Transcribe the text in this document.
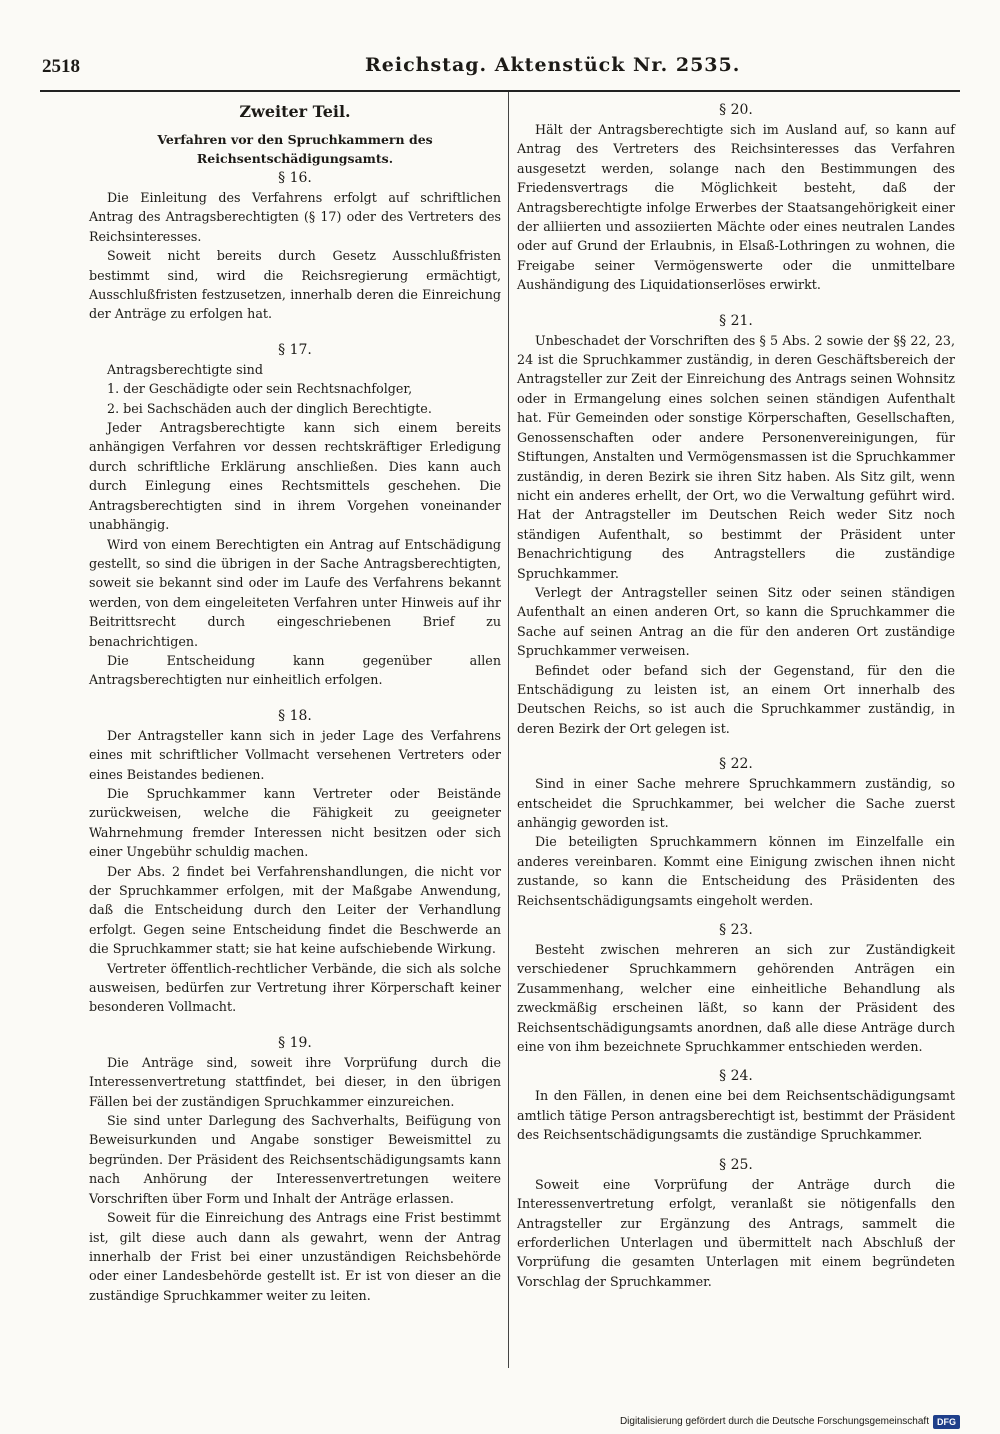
2518	Reichstag. Aktenstück Nr. 2535.
Zweiter Teil.
Verfahren vor den Spruchkammern des Reichsentschädigungsamts.
§ 16.

Die Einleitung des Verfahrens erfolgt auf schriftlichen Antrag des Antragsberechtigten (§ 17) oder des Vertreters des Reichsinteresses.

Soweit nicht bereits durch Gesetz Ausschlußfristen bestimmt sind, wird die Reichsregierung ermächtigt, Ausschlußfristen festzusetzen, innerhalb deren die Einreichung der Anträge zu erfolgen hat.

§ 17.

Antragsberechtigte sind

1. der Geschädigte oder sein Rechtsnachfolger,

2. bei Sachschäden auch der dinglich Berechtigte.

Jeder Antragsberechtigte kann sich einem bereits anhängigen Verfahren vor dessen rechtskräftiger Erledigung durch schriftliche Erklärung anschließen. Dies kann auch durch Einlegung eines Rechtsmittels geschehen. Die Antragsberechtigten sind in ihrem Vorgehen voneinander unabhängig.

Wird von einem Berechtigten ein Antrag auf Entschädigung gestellt, so sind die übrigen in der Sache Antragsberechtigten, soweit sie bekannt sind oder im Laufe des Verfahrens bekannt werden, von dem eingeleiteten Verfahren unter Hinweis auf ihr Beitrittsrecht durch eingeschriebenen Brief zu benachrichtigen.

Die Entscheidung kann gegenüber allen Antragsberechtigten nur einheitlich erfolgen.

§ 18.

Der Antragsteller kann sich in jeder Lage des Verfahrens eines mit schriftlicher Vollmacht versehenen Vertreters oder eines Beistandes bedienen.

Die Spruchkammer kann Vertreter oder Beistände zurückweisen, welche die Fähigkeit zu geeigneter Wahrnehmung fremder Interessen nicht besitzen oder sich einer Ungebühr schuldig machen.

Der Abs. 2 findet bei Verfahrenshandlungen, die nicht vor der Spruchkammer erfolgen, mit der Maßgabe Anwendung, daß die Entscheidung durch den Leiter der Verhandlung erfolgt. Gegen seine Entscheidung findet die Beschwerde an die Spruchkammer statt; sie hat keine aufschiebende Wirkung.

Vertreter öffentlich-rechtlicher Verbände, die sich als solche ausweisen, bedürfen zur Vertretung ihrer Körperschaft keiner besonderen Vollmacht.

§ 19.

Die Anträge sind, soweit ihre Vorprüfung durch die Interessenvertretung stattfindet, bei dieser, in den übrigen Fällen bei der zuständigen Spruchkammer einzureichen.

Sie sind unter Darlegung des Sachverhalts, Beifügung von Beweisurkunden und Angabe sonstiger Beweismittel zu begründen. Der Präsident des Reichsentschädigungsamts kann nach Anhörung der Interessenvertretungen weitere Vorschriften über Form und Inhalt der Anträge erlassen.

Soweit für die Einreichung des Antrags eine Frist bestimmt ist, gilt diese auch dann als gewahrt, wenn der Antrag innerhalb der Frist bei einer unzuständigen Reichsbehörde oder einer Landesbehörde gestellt ist. Er ist von dieser an die zuständige Spruchkammer weiter zu leiten.

§ 20.

Hält der Antragsberechtigte sich im Ausland auf, so kann auf Antrag des Vertreters des Reichsinteresses das Verfahren ausgesetzt werden, solange nach den Bestimmungen des Friedensvertrags die Möglichkeit besteht, daß der Antragsberechtigte infolge Erwerbes der Staatsangehörigkeit einer der alliierten und assoziierten Mächte oder eines neutralen Landes oder auf Grund der Erlaubnis, in Elsaß-Lothringen zu wohnen, die Freigabe seiner Vermögenswerte oder die unmittelbare Aushändigung des Liquidationserlöses erwirkt.

§ 21.

Unbeschadet der Vorschriften des § 5 Abs. 2 sowie der §§ 22, 23, 24 ist die Spruchkammer zuständig, in deren Geschäftsbereich der Antragsteller zur Zeit der Einreichung des Antrags seinen Wohnsitz oder in Ermangelung eines solchen seinen ständigen Aufenthalt hat. Für Gemeinden oder sonstige Körperschaften, Gesellschaften, Genossenschaften oder andere Personenvereinigungen, für Stiftungen, Anstalten und Vermögensmassen ist die Spruchkammer zuständig, in deren Bezirk sie ihren Sitz haben. Als Sitz gilt, wenn nicht ein anderes erhellt, der Ort, wo die Verwaltung geführt wird. Hat der Antragsteller im Deutschen Reich weder Sitz noch ständigen Aufenthalt, so bestimmt der Präsident unter Benachrichtigung des Antragstellers die zuständige Spruchkammer.

Verlegt der Antragsteller seinen Sitz oder seinen ständigen Aufenthalt an einen anderen Ort, so kann die Spruchkammer die Sache auf seinen Antrag an die für den anderen Ort zuständige Spruchkammer verweisen.

Befindet oder befand sich der Gegenstand, für den die Entschädigung zu leisten ist, an einem Ort innerhalb des Deutschen Reichs, so ist auch die Spruchkammer zuständig, in deren Bezirk der Ort gelegen ist.

§ 22.

Sind in einer Sache mehrere Spruchkammern zuständig, so entscheidet die Spruchkammer, bei welcher die Sache zuerst anhängig geworden ist.

Die beteiligten Spruchkammern können im Einzelfalle ein anderes vereinbaren. Kommt eine Einigung zwischen ihnen nicht zustande, so kann die Entscheidung des Präsidenten des Reichsentschädigungsamts eingeholt werden.

§ 23.

Besteht zwischen mehreren an sich zur Zuständigkeit verschiedener Spruchkammern gehörenden Anträgen ein Zusammenhang, welcher eine einheitliche Behandlung als zweckmäßig erscheinen läßt, so kann der Präsident des Reichsentschädigungsamts anordnen, daß alle diese Anträge durch eine von ihm bezeichnete Spruchkammer entschieden werden.

§ 24.

In den Fällen, in denen eine bei dem Reichsentschädigungsamt amtlich tätige Person antragsberechtigt ist, bestimmt der Präsident des Reichsentschädigungsamts die zuständige Spruchkammer.

§ 25.

Soweit eine Vorprüfung der Anträge durch die Interessenvertretung erfolgt, veranlaßt sie nötigenfalls den Antragsteller zur Ergänzung des Antrags, sammelt die erforderlichen Unterlagen und übermittelt nach Abschluß der Vorprüfung die gesamten Unterlagen mit einem begründeten Vorschlag der Spruchkammer.

Digitalisierung gefördert durch die Deutsche Forschungsgemeinschaft DFG
